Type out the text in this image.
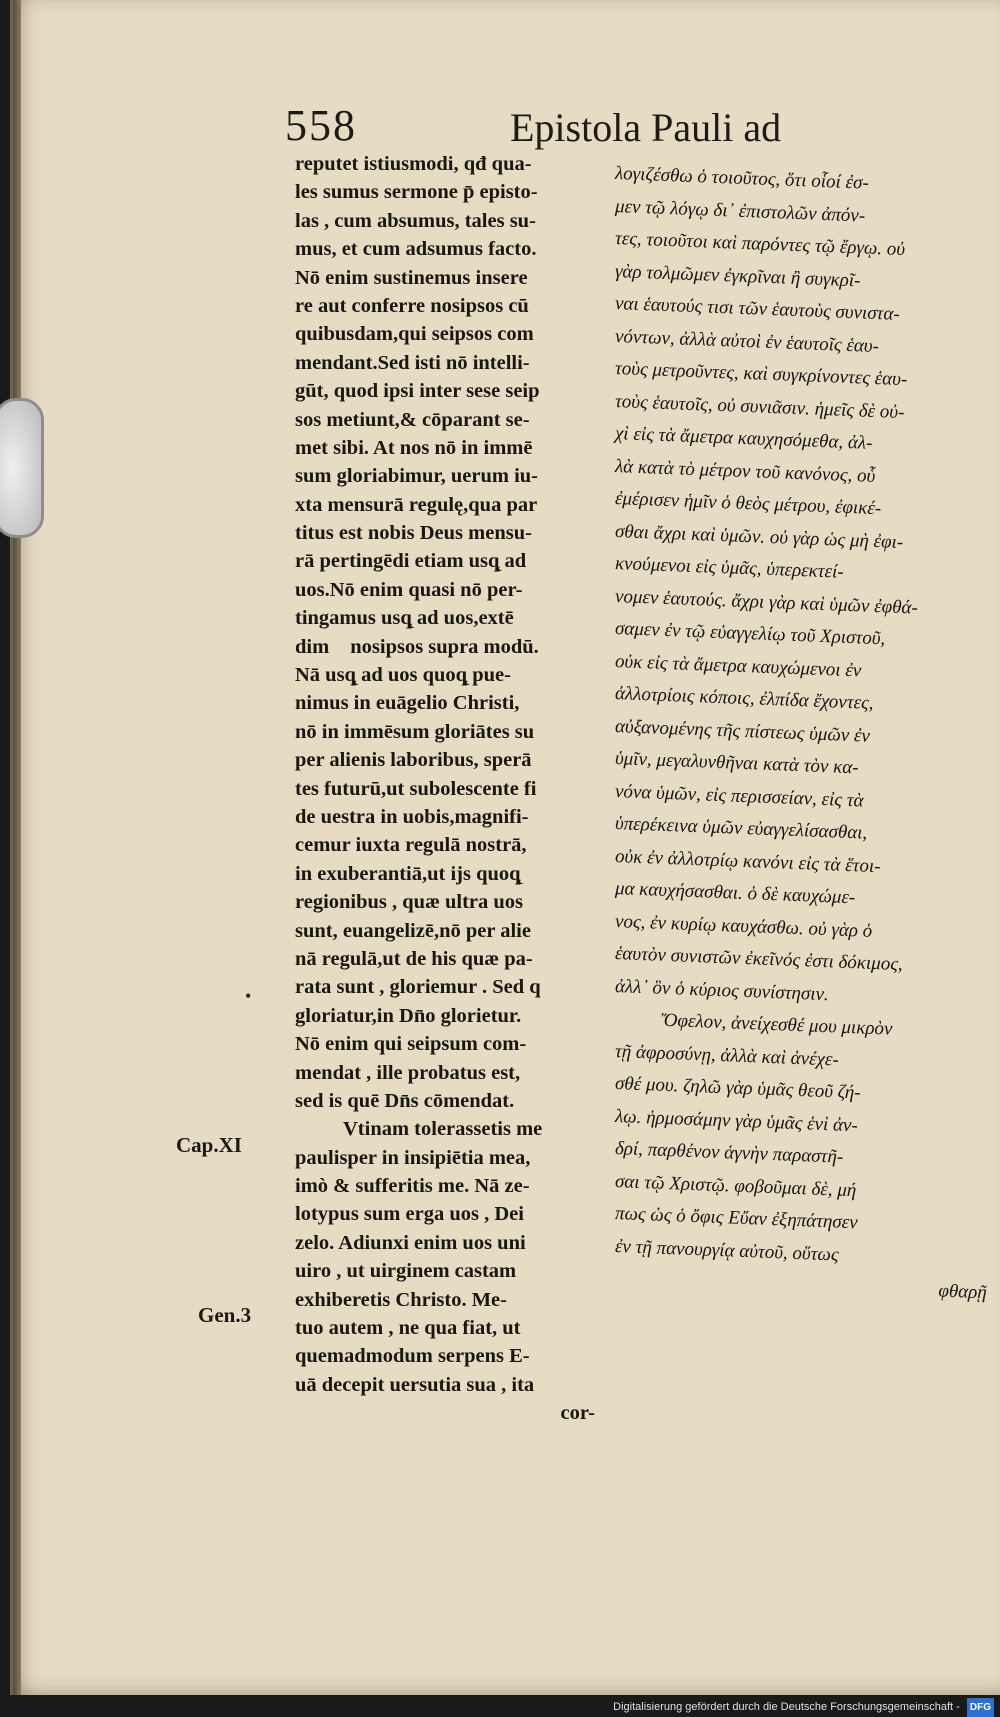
558	Epistola Pauli ad
reputet istiusmodi, qđ qua-
les sumus sermone p̄ episto-
las , cum absumus, tales su-
mus, et cum adsumus facto.
Nō enim sustinemus insere
re aut conferre nosipsos cū
quibusdam,qui seipsos com
mendant.Sed isti nō intelli-
gūt, quod ipsi inter sese seip
sos metiunt,& cōparant se-
met sibi. At nos nō in immē
sum gloriabimur, uerum iu-
xta mensurā regulę,qua par
titus est nobis Deus mensu-
rā pertingēdi etiam usq̨ ad
uos.Nō enim quasi nō per-
tingamus usq̨ ad uos,extē
dim᷒ nosipsos supra modū.
Nā usq̨ ad uos quoq̨ pue-
nimus in euāgelio Christi,
nō in immēsum gloriātes su
per alienis laboribus, sperā
tes futurū,ut subolescente fi
de uestra in uobis,magnifi-
cemur iuxta regulā nostrā,
in exuberantiā,ut ijs quoq̨
regionibus , quæ ultra uos
sunt, euangelizē,nō per alie
nā regulā,ut de his quæ pa-
rata sunt , gloriemur . Sed q
gloriatur,in Dn̄o glorietur.
Nō enim qui seipsum com-
mendat , ille probatus est,
sed is quē Dn̄s cōmendat.
Vtinam tolerassetis me
paulisper in insipiētia mea,
imò & sufferitis me. Nā ze-
lotypus sum erga uos , Dei
zelo. Adiunxi enim uos uni
uiro , ut uirginem castam
exhiberetis Christo. Me-
tuo autem , ne qua fiat, ut
quemadmodum serpens E-
uā decepit uersutia sua , ita
cor-
λογιζέσθω ὁ τοιοῦτος, ὅτι οἷοί ἐσ-
μεν τῷ λόγῳ δι᾽ ἐπιστολῶν ἀπόν-
τες, τοιοῦτοι καὶ παρόντες τῷ ἔργῳ. οὐ
γὰρ τολμῶμεν ἐγκρῖναι ἢ συγκρῖ-
ναι ἑαυτούς τισι τῶν ἑαυτοὺς συνιστα-
νόντων, ἀλλὰ αὐτοὶ ἐν ἑαυτοῖς ἑαυ-
τοὺς μετροῦντες, καὶ συγκρίνοντες ἑαυ-
τοὺς ἑαυτοῖς, οὐ συνιᾶσιν. ἡμεῖς δὲ οὐ-
χὶ εἰς τὰ ἄμετρα καυχησόμεθα, ἀλ-
λὰ κατὰ τὸ μέτρον τοῦ κανόνος, οὗ
ἐμέρισεν ἡμῖν ὁ θεὸς μέτρου, ἐφικέ-
σθαι ἄχρι καὶ ὑμῶν. οὐ γὰρ ὡς μὴ ἐφι-
κνούμενοι εἰς ὑμᾶς, ὑπερεκτεί-
νομεν ἑαυτούς. ἄχρι γὰρ καὶ ὑμῶν ἐφθά-
σαμεν ἐν τῷ εὐαγγελίῳ τοῦ Χριστοῦ,
οὐκ εἰς τὰ ἄμετρα καυχώμενοι ἐν
ἀλλοτρίοις κόποις, ἐλπίδα ἔχοντες,
αὐξανομένης τῆς πίστεως ὑμῶν ἐν
ὑμῖν, μεγαλυνθῆναι κατὰ τὸν κα-
νόνα ὑμῶν, εἰς περισσείαν, εἰς τὰ
ὑπερέκεινα ὑμῶν εὐαγγελίσασθαι,
οὐκ ἐν ἀλλοτρίῳ κανόνι εἰς τὰ ἕτοι-
μα καυχήσασθαι. ὁ δὲ καυχώμε-
νος, ἐν κυρίῳ καυχάσθω. οὐ γὰρ ὁ
ἑαυτὸν συνιστῶν ἐκεῖνός ἐστι δόκιμος,
ἀλλ᾽ ὃν ὁ κύριος συνίστησιν.
Ὄφελον, ἀνείχεσθέ μου μικρὸν
τῇ ἀφροσύνῃ, ἀλλὰ καὶ ἀνέχε-
σθέ μου. ζηλῶ γὰρ ὑμᾶς θεοῦ ζή-
λῳ. ἡρμοσάμην γὰρ ὑμᾶς ἑνὶ ἀν-
δρί, παρθένον ἁγνὴν παραστῆ-
σαι τῷ Χριστῷ. φοβοῦμαι δὲ, μή
πως ὡς ὁ ὄφις Εὔαν ἐξηπάτησεν
ἐν τῇ πανουργίᾳ αὐτοῦ, οὕτως
φθαρῇ
Cap.XI
Gen.3
•
Digitalisierung gefördert durch die Deutsche Forschungsgemeinschaft - DFG
